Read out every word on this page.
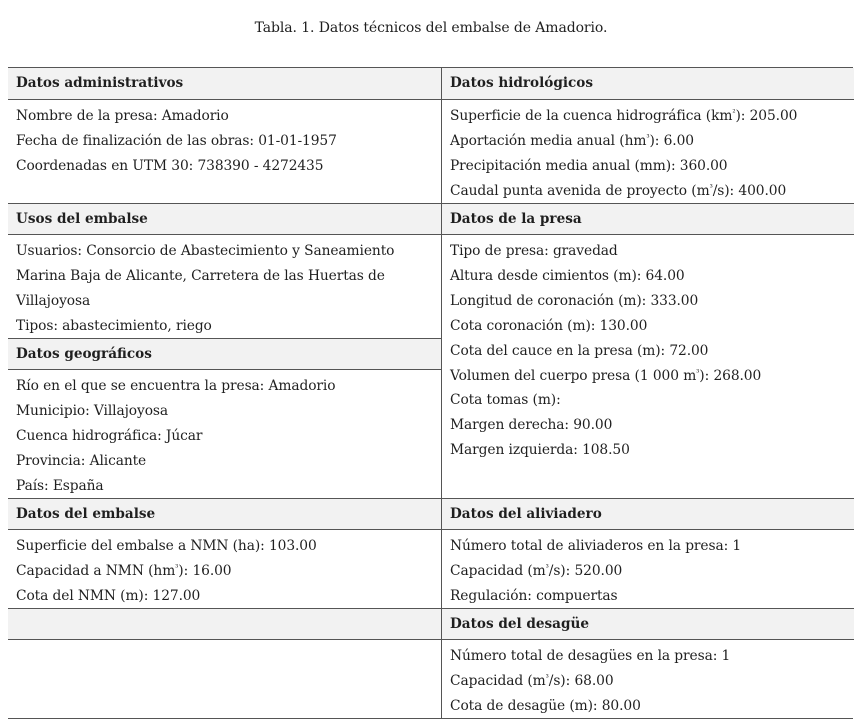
Tabla. 1. Datos técnicos del embalse de Amadorio.
Datos administrativos
Nombre de la presa: Amadorio
Fecha de finalización de las obras: 01-01-1957
Coordenadas en UTM 30: 738390 - 4272435
Usos del embalse
Usuarios: Consorcio de Abastecimiento y Saneamiento
Marina Baja de Alicante, Carretera de las Huertas de
Villajoyosa
Tipos: abastecimiento, riego
Datos geográficos
Río en el que se encuentra la presa: Amadorio
Municipio: Villajoyosa
Cuenca hidrográfica: Júcar
Provincia: Alicante
País: España
Datos del embalse
Superficie del embalse a NMN (ha): 103.00
Capacidad a NMN $(hm^{^3})$: 16.00
Cota del NMN (m): 127.00
Datos hidrológicos
Superficie de la cuenca hidrográfica $(km^{^2})$: 205.00
Aportación media anual $(hm^{^3})$: 6.00
Precipitación media anual (mm): 360.00
Caudal punta avenida de proyecto $(m^{^3}/s)$: 400.00
Datos de la presa
Tipo de presa: gravedad
Altura desde cimientos (m): 64.00
Longitud de coronación (m): 333.00
Cota coronación (m): 130.00
Cota del cauce en la presa (m): 72.00
Volumen del cuerpo presa (1 000 $m^{^3}$): 268.00
Cota tomas (m):
Margen derecha: 90.00
Margen izquierda: 108.50
Datos del aliviadero
Número total de aliviaderos en la presa: 1
Capacidad $(m^{^3}/s)$: 520.00
Regulación: compuertas
Datos del desagüe
Número total de desagües en la presa: 1
Capacidad $(m^{^3}/s)$: 68.00
Cota de desagüe (m): 80.00
